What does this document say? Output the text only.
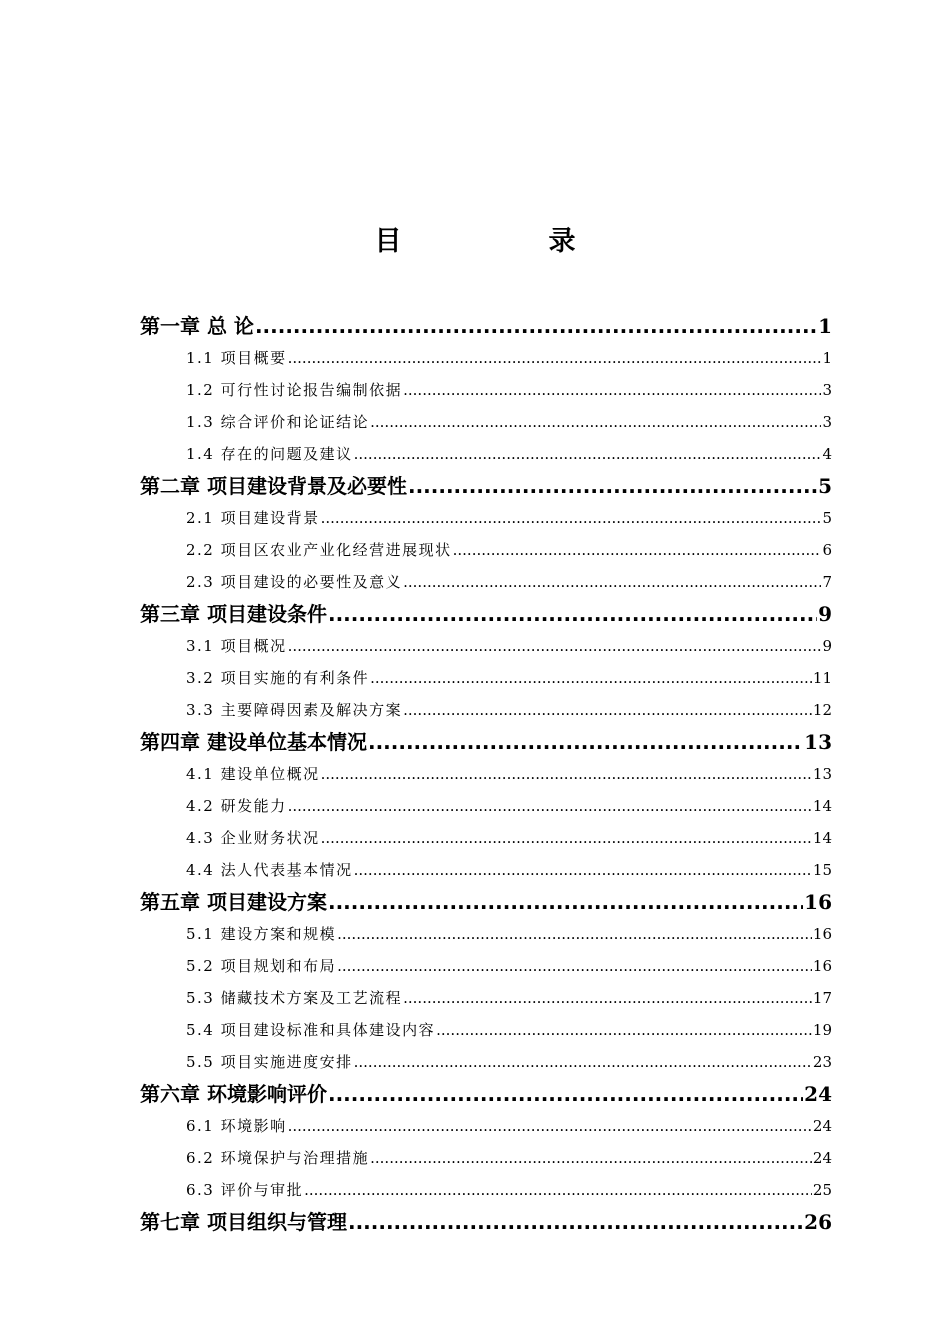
目　录
第一章 总 论 .....	1
1.1 项目概要 .....	1
1.2 可行性讨论报告编制依据 .....	3
1.3 综合评价和论证结论 .....	3
1.4 存在的问题及建议 .....	4
第二章 项目建设背景及必要性 .....	5
2.1 项目建设背景 .....	5
2.2 项目区农业产业化经营进展现状 .....	6
2.3 项目建设的必要性及意义 .....	7
第三章 项目建设条件 .....	9
3.1 项目概况 .....	9
3.2 项目实施的有利条件 .....	11
3.3 主要障碍因素及解决方案 .....	12
第四章 建设单位基本情况 .....	13
4.1 建设单位概况 .....	13
4.2 研发能力 .....	14
4.3 企业财务状况 .....	14
4.4 法人代表基本情况 .....	15
第五章 项目建设方案 .....	16
5.1 建设方案和规模 .....	16
5.2 项目规划和布局 .....	16
5.3 储藏技术方案及工艺流程 .....	17
5.4 项目建设标准和具体建设内容 .....	19
5.5 项目实施进度安排 .....	23
第六章 环境影响评价 .....	24
6.1 环境影响 .....	24
6.2 环境保护与治理措施 .....	24
6.3 评价与审批 .....	25
第七章 项目组织与管理 .....	26
